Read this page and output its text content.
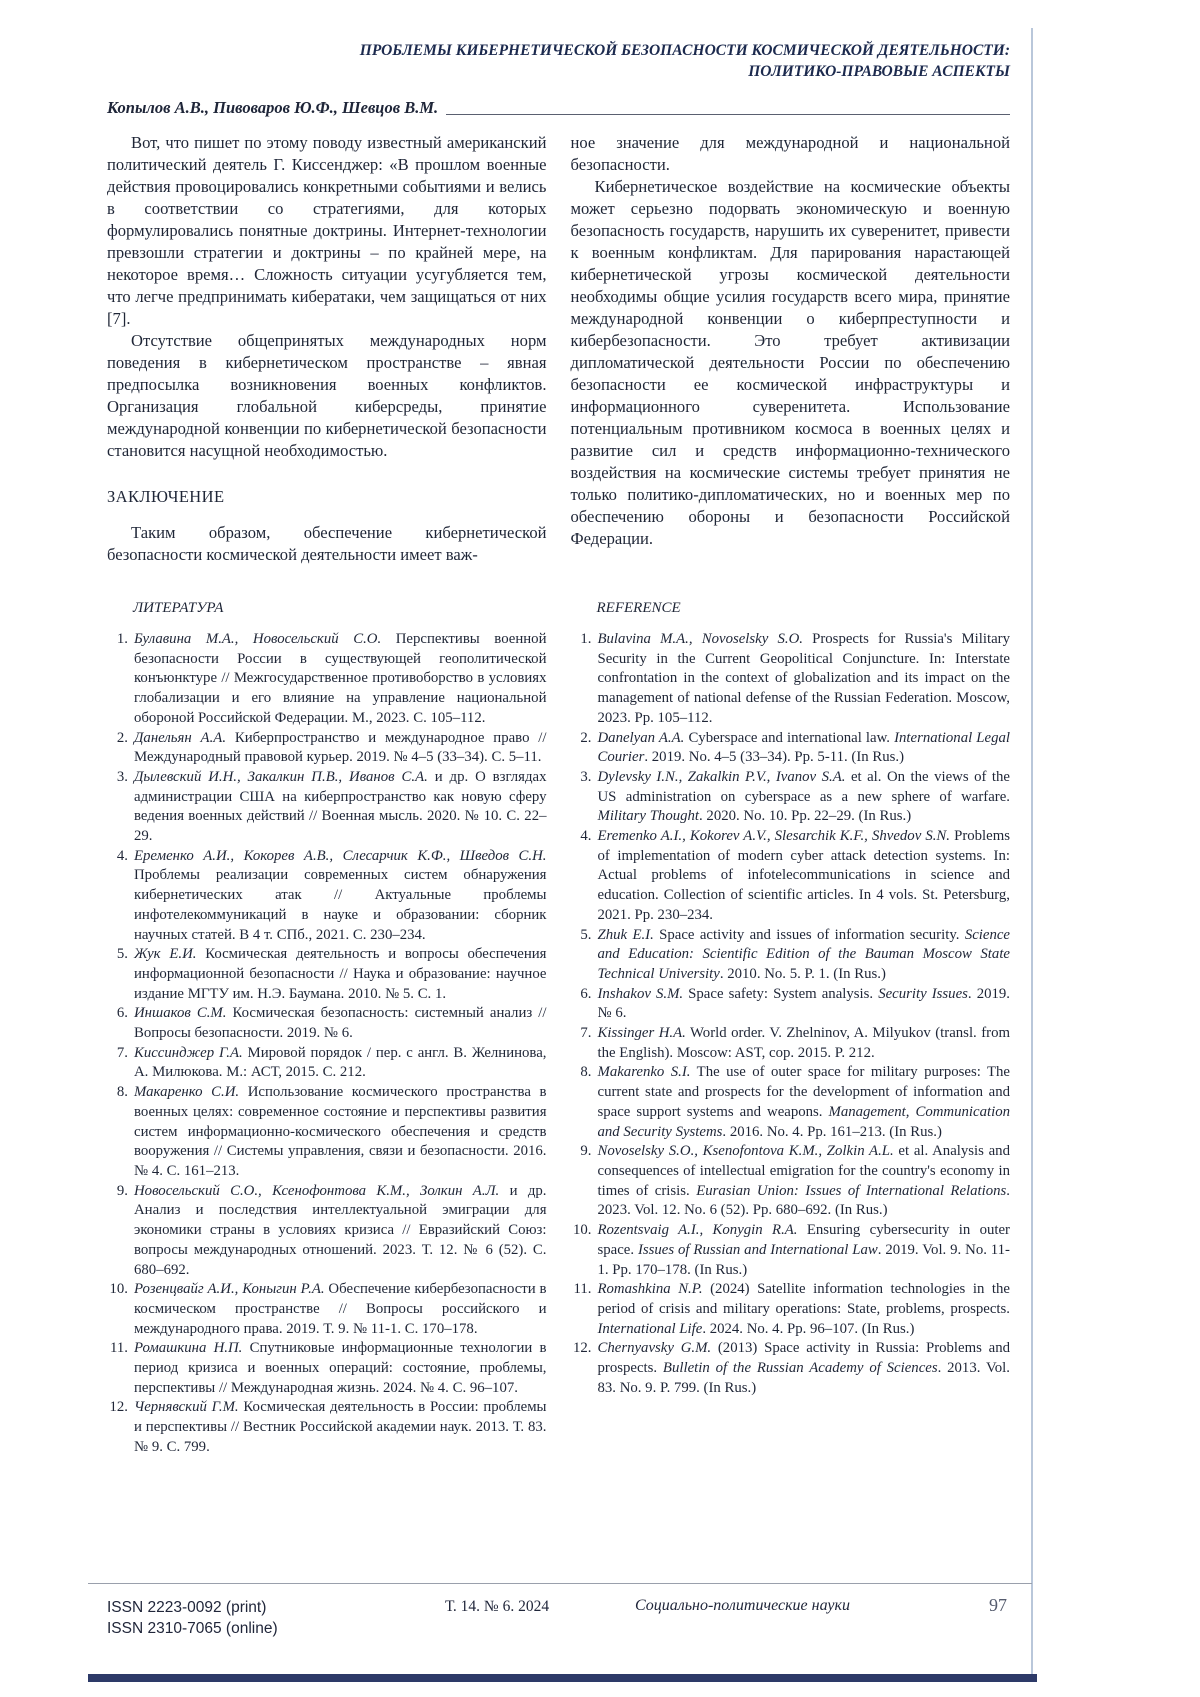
ПРОБЛЕМЫ КИБЕРНЕТИЧЕСКОЙ БЕЗОПАСНОСТИ КОСМИЧЕСКОЙ ДЕЯТЕЛЬНОСТИ:
ПОЛИТИКО-ПРАВОВЫЕ АСПЕКТЫ
Копылов А.В., Пивоваров Ю.Ф., Шевцов В.М.

Вот, что пишет по этому поводу известный американский политический деятель Г. Киссенджер: «В прошлом военные действия провоцировались конкретными событиями и велись в соответствии со стратегиями, для которых формулировались понятные доктрины. Интернет-технологии превзошли стратегии и доктрины – по крайней мере, на некоторое время… Сложность ситуации усугубляется тем, что легче предпринимать кибератаки, чем защищаться от них [7].

Отсутствие общепринятых международных норм поведения в кибернетическом пространстве – явная предпосылка возникновения военных конфликтов. Организация глобальной киберсреды, принятие международной конвенции по кибернетической безопасности становится насущной необходимостью.

ЗАКЛЮЧЕНИЕ

Таким образом, обеспечение кибернетической безопасности космической деятельности имеет важ-

ное значение для международной и национальной безопасности.

Кибернетическое воздействие на космические объекты может серьезно подорвать экономическую и военную безопасность государств, нарушить их суверенитет, привести к военным конфликтам. Для парирования нарастающей кибернетической угрозы космической деятельности необходимы общие усилия государств всего мира, принятие международной конвенции о киберпреступности и кибербезопасности. Это требует активизации дипломатической деятельности России по обеспечению безопасности ее космической инфраструктуры и информационного суверенитета. Использование потенциальным противником космоса в военных целях и развитие сил и средств информационно-технического воздействия на космические системы требует принятия не только политико-дипломатических, но и военных мер по обеспечению обороны и безопасности Российской Федерации.

ЛИТЕРАТУРА
Булавина М.А., Новосельский С.О. Перспективы военной безопасности России в существующей геополитической конъюнктуре // Межгосударственное противоборство в условиях глобализации и его влияние на управление национальной обороной Российской Федерации. М., 2023. С. 105–112.
Данельян А.А. Киберпространство и международное право // Международный правовой курьер. 2019. № 4–5 (33–34). С. 5–11.
Дылевский И.Н., Закалкин П.В., Иванов С.А. и др. О взглядах администрации США на киберпространство как новую сферу ведения военных действий // Военная мысль. 2020. № 10. С. 22–29.
Еременко А.И., Кокорев А.В., Слесарчик К.Ф., Шведов С.Н. Проблемы реализации современных систем обнаружения кибернетических атак // Актуальные проблемы инфотелекоммуникаций в науке и образовании: сборник научных статей. В 4 т. СПб., 2021. С. 230–234.
Жук Е.И. Космическая деятельность и вопросы обеспечения информационной безопасности // Наука и образование: научное издание МГТУ им. Н.Э. Баумана. 2010. № 5. С. 1.
Иншаков С.М. Космическая безопасность: системный анализ // Вопросы безопасности. 2019. № 6.
Киссинджер Г.А. Мировой порядок / пер. с англ. В. Желнинова, А. Милюкова. М.: АСТ, 2015. С. 212.
Макаренко С.И. Использование космического пространства в военных целях: современное состояние и перспективы развития систем информационно-космического обеспечения и средств вооружения // Системы управления, связи и безопасности. 2016. № 4. С. 161–213.
Новосельский С.О., Ксенофонтова К.М., Золкин А.Л. и др. Анализ и последствия интеллектуальной эмиграции для экономики страны в условиях кризиса // Евразийский Союз: вопросы международных отношений. 2023. Т. 12. № 6 (52). С. 680–692.
Розенцвайг А.И., Коныгин Р.А. Обеспечение кибербезопасности в космическом пространстве // Вопросы российского и международного права. 2019. Т. 9. № 11-1. С. 170–178.
Ромашкина Н.П. Спутниковые информационные технологии в период кризиса и военных операций: состояние, проблемы, перспективы // Международная жизнь. 2024. № 4. С. 96–107.
Чернявский Г.М. Космическая деятельность в России: проблемы и перспективы // Вестник Российской академии наук. 2013. Т. 83. № 9. С. 799.
REFERENCE
Bulavina M.A., Novoselsky S.O. Prospects for Russia's Military Security in the Current Geopolitical Conjuncture. In: Interstate confrontation in the context of globalization and its impact on the management of national defense of the Russian Federation. Moscow, 2023. Pp. 105–112.
Danelyan A.A. Cyberspace and international law. International Legal Courier. 2019. No. 4–5 (33–34). Pp. 5-11. (In Rus.)
Dylevsky I.N., Zakalkin P.V., Ivanov S.A. et al. On the views of the US administration on cyberspace as a new sphere of warfare. Military Thought. 2020. No. 10. Pp. 22–29. (In Rus.)
Eremenko A.I., Kokorev A.V., Slesarchik K.F., Shvedov S.N. Problems of implementation of modern cyber attack detection systems. In: Actual problems of infotelecommunications in science and education. Collection of scientific articles. In 4 vols. St. Petersburg, 2021. Pp. 230–234.
Zhuk E.I. Space activity and issues of information security. Science and Education: Scientific Edition of the Bauman Moscow State Technical University. 2010. No. 5. P. 1. (In Rus.)
Inshakov S.M. Space safety: System analysis. Security Issues. 2019. № 6.
Kissinger H.A. World order. V. Zhelninov, A. Milyukov (transl. from the English). Moscow: AST, cop. 2015. P. 212.
Makarenko S.I. The use of outer space for military purposes: The current state and prospects for the development of information and space support systems and weapons. Management, Communication and Security Systems. 2016. No. 4. Pp. 161–213. (In Rus.)
Novoselsky S.O., Ksenofontova K.M., Zolkin A.L. et al. Analysis and consequences of intellectual emigration for the country's economy in times of crisis. Eurasian Union: Issues of International Relations. 2023. Vol. 12. No. 6 (52). Pp. 680–692. (In Rus.)
Rozentsvaig A.I., Konygin R.A. Ensuring cybersecurity in outer space. Issues of Russian and International Law. 2019. Vol. 9. No. 11-1. Pp. 170–178. (In Rus.)
Romashkina N.P. (2024) Satellite information technologies in the period of crisis and military operations: State, problems, prospects. International Life. 2024. No. 4. Pp. 96–107. (In Rus.)
Chernyavsky G.M. (2013) Space activity in Russia: Problems and prospects. Bulletin of the Russian Academy of Sciences. 2013. Vol. 83. No. 9. P. 799. (In Rus.)
ISSN 2223-0092 (print)
ISSN 2310-7065 (online)
Т. 14. № 6. 2024	Социально-политические науки	97
